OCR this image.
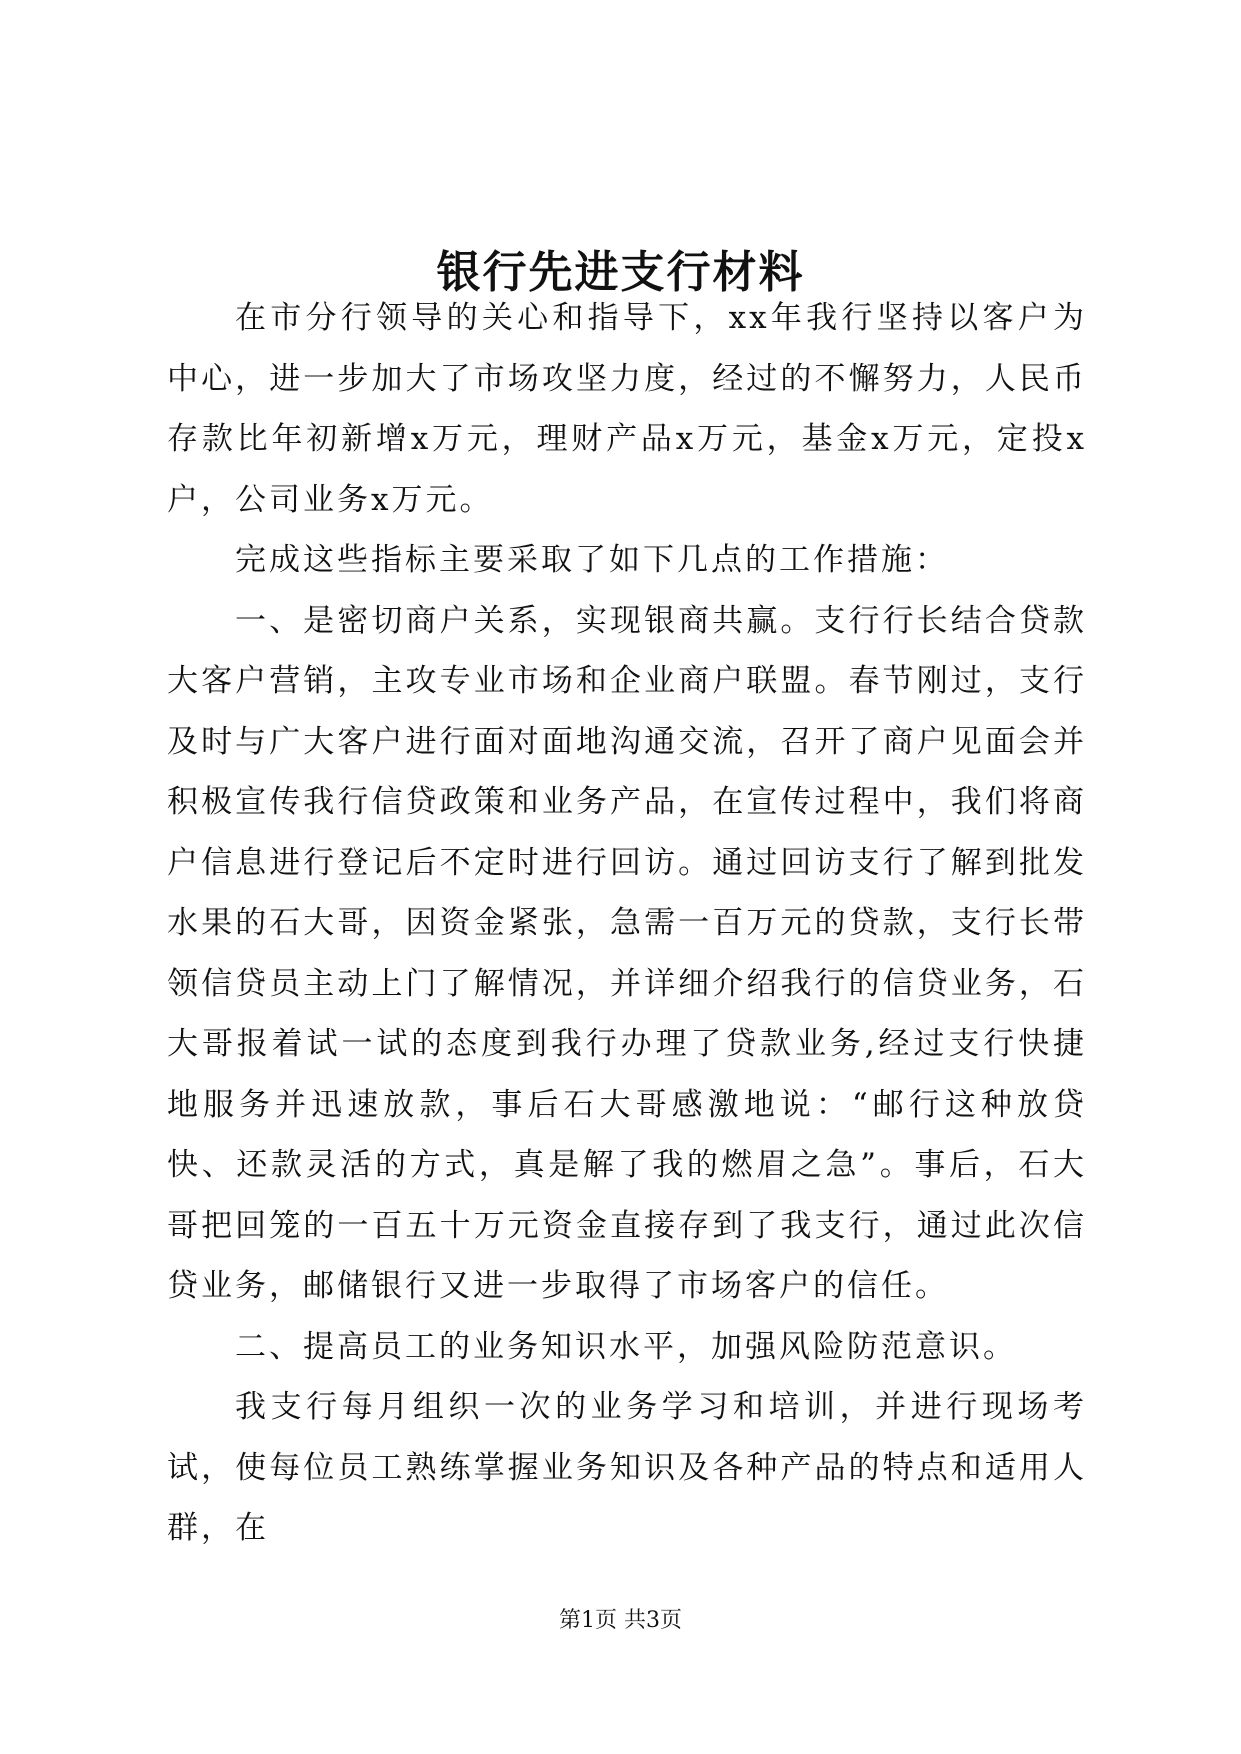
银行先进支行材料

在市分行领导的关心和指导下，xx年我行坚持以客户为中心，进一步加大了市场攻坚力度，经过的不懈努力，人民币存款比年初新增x万元，理财产品x万元，基金x万元，定投x户，公司业务x万元。

完成这些指标主要采取了如下几点的工作措施：

一、是密切商户关系，实现银商共赢。支行行长结合贷款大客户营销，主攻专业市场和企业商户联盟。春节刚过，支行及时与广大客户进行面对面地沟通交流，召开了商户见面会并积极宣传我行信贷政策和业务产品，在宣传过程中，我们将商户信息进行登记后不定时进行回访。通过回访支行了解到批发水果的石大哥，因资金紧张，急需一百万元的贷款，支行长带领信贷员主动上门了解情况，并详细介绍我行的信贷业务，石大哥报着试一试的态度到我行办理了贷款业务,经过支行快捷地服务并迅速放款，事后石大哥感激地说：“邮行这种放贷快、还款灵活的方式，真是解了我的燃眉之急”。事后，石大哥把回笼的一百五十万元资金直接存到了我支行，通过此次信贷业务，邮储银行又进一步取得了市场客户的信任。

二、提高员工的业务知识水平，加强风险防范意识。

我支行每月组织一次的业务学习和培训，并进行现场考试，使每位员工熟练掌握业务知识及各种产品的特点和适用人群，在

第1页 共3页
